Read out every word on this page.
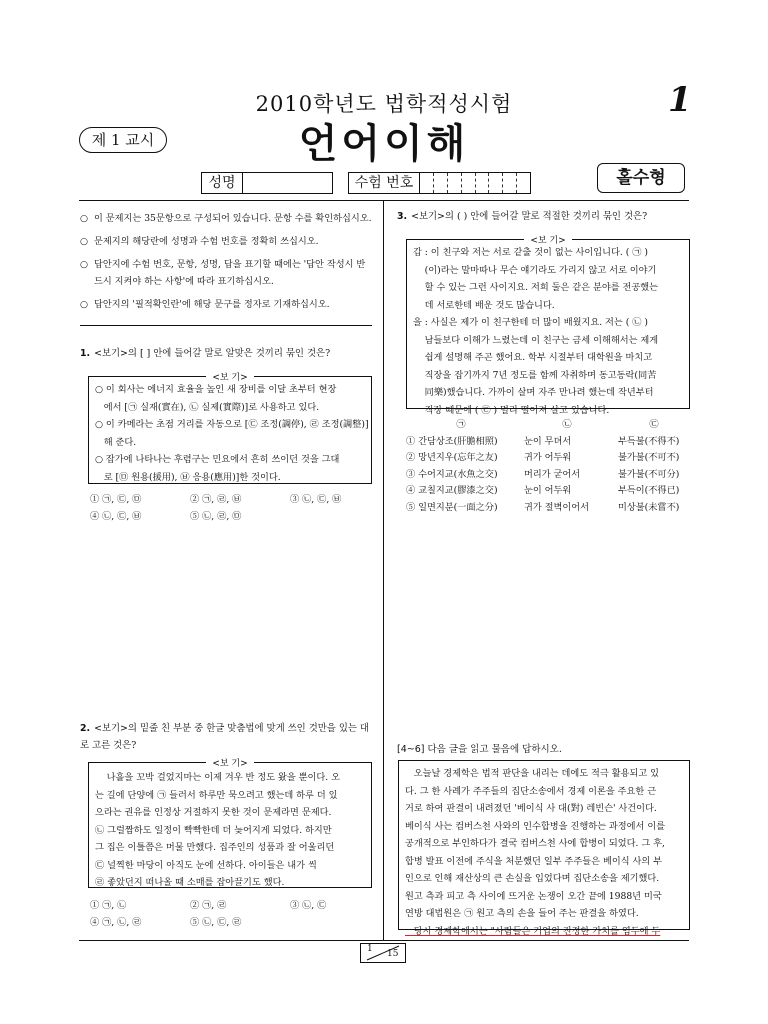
2010학년도 법학적성시험	1
제 1 교시	언어이해
성명	수험 번호	홀수형
○ 이 문제지는 35문항으로 구성되어 있습니다. 문항 수를 확인하십시오.
○ 문제지의 해당란에 성명과 수험 번호를 정확히 쓰십시오.
○ 답안지에 수험 번호, 문항, 성명, 답을 표기할 때에는 '답안 작성시 반드시 지켜야 하는 사항'에 따라 표기하십시오.
○ 답안지의 '필적확인란'에 해당 문구를 정자로 기재하십시오.
1. <보기>의 [ ] 안에 들어갈 말로 알맞은 것끼리 묶인 것은?
<보 기>
○ 이 회사는 에너지 효율을 높인 새 장비를 이달 초부터 현장
에서 [㉠ 실재(實在), ㉡ 실제(實際)]로 사용하고 있다.
○ 이 카메라는 초점 거리를 자동으로 [㉢ 조정(調停), ㉣ 조정(調整)]
해 준다.
○ 잡가에 나타나는 후렴구는 민요에서 흔히 쓰이던 것을 그대
로 [㉤ 원용(援用), ㉥ 응용(應用)]한 것이다.
① ㉠, ㉢, ㉤	② ㉠, ㉣, ㉥	③ ㉡, ㉢, ㉥
④ ㉡, ㉢, ㉥	⑤ ㉡, ㉣, ㉤
2. <보기>의 밑줄 친 부분 중 한글 맞춤법에 맞게 쓰인 것만을 있는 대로 고른 것은?
<보 기>
나흘을 꼬박 걸었지마는 이제 겨우 반 정도 왔을 뿐이다. 오
는 길에 단양에 ㉠ 들러서 하루만 묵으려고 했는데 하루 더 있
으라는 권유를 인정상 거절하지 못한 것이 문제라면 문제다.
㉡ 그럴짬하도 일정이 빡빡한데 더 늦어지게 되었다. 하지만
그 집은 이틀쯤은 머물 만했다. 집주인의 성품과 잘 어울리던
㉢ 널찍한 마당이 아직도 눈에 선하다. 아이들은 내가 씩
㉣ 좋았던지 떠나올 때 소매를 잡아끌기도 했다.
① ㉠, ㉡	② ㉠, ㉣	③ ㉡, ㉢
④ ㉠, ㉡, ㉣	⑤ ㉡, ㉢, ㉣
3. <보기>의 ( ) 안에 들어갈 말로 적절한 것끼리 묶인 것은?
<보 기>
갑 : 이 친구와 저는 서로 같출 것이 없는 사이입니다. ( ㉠ )
(이)라는 말마따나 무슨 얘기라도 가리지 않고 서로 이야기
할 수 있는 그런 사이지요. 저희 둘은 같은 분야를 전공했는
데 서로한테 배운 것도 많습니다.
을 : 사실은 제가 이 친구한테 더 많이 배웠지요. 저는 ( ㉡ )
남들보다 이해가 느렸는데 이 친구는 금세 이해해서는 제게
쉽게 설명해 주곤 했어요. 학부 시절부터 대학원을 마치고
직장을 잡기까지 7년 정도를 함께 자취하며 동고동락(同苦
同樂)했습니다. 가까이 살며 자주 만나려 했는데 작년부터
직장 때문에 ( ㉢ ) 멀리 떨어져 살고 있습니다.
㉠	㉡	㉢
① 간담상조(肝膽相照)	눈이 무뎌서	부득불(不得不)
② 망년지우(忘年之友)	귀가 어두워	불가불(不可不)
③ 수어지교(水魚之交)	머리가 굳어서	불가불(不可分)
④ 교칠지교(膠漆之交)	눈이 어두워	부득이(不得已)
⑤ 일면지분(一面之分)	귀가 절벽이어서	미상불(未嘗不)
[4~6] 다음 글을 읽고 물음에 답하시오.
오늘날 경제학은 법적 판단을 내리는 데에도 적극 활용되고 있
다. 그 한 사례가 주주들의 집단소송에서 경제 이론을 주요한 근
거로 하여 판결이 내려졌던 '베이식 사 대(對) 레빈슨' 사건이다.
베이식 사는 컴버스천 사와의 인수합병을 진행하는 과정에서 이를
공개적으로 부인하다가 결국 컴버스천 사에 합병이 되었다. 그 후,
합병 발표 이전에 주식을 처분했던 일부 주주들은 베이식 사의 부
인으로 인해 재산상의 큰 손실을 입었다며 집단소송을 제기했다.
원고 측과 피고 측 사이에 뜨거운 논쟁이 오간 끝에 1988년 미국
연방 대법원은 ㉠ 원고 측의 손을 들어 주는 판결을 하였다.
당시 경제학에서는 "사람들은 기업의 진정한 가치를 염두에 두
1 15
